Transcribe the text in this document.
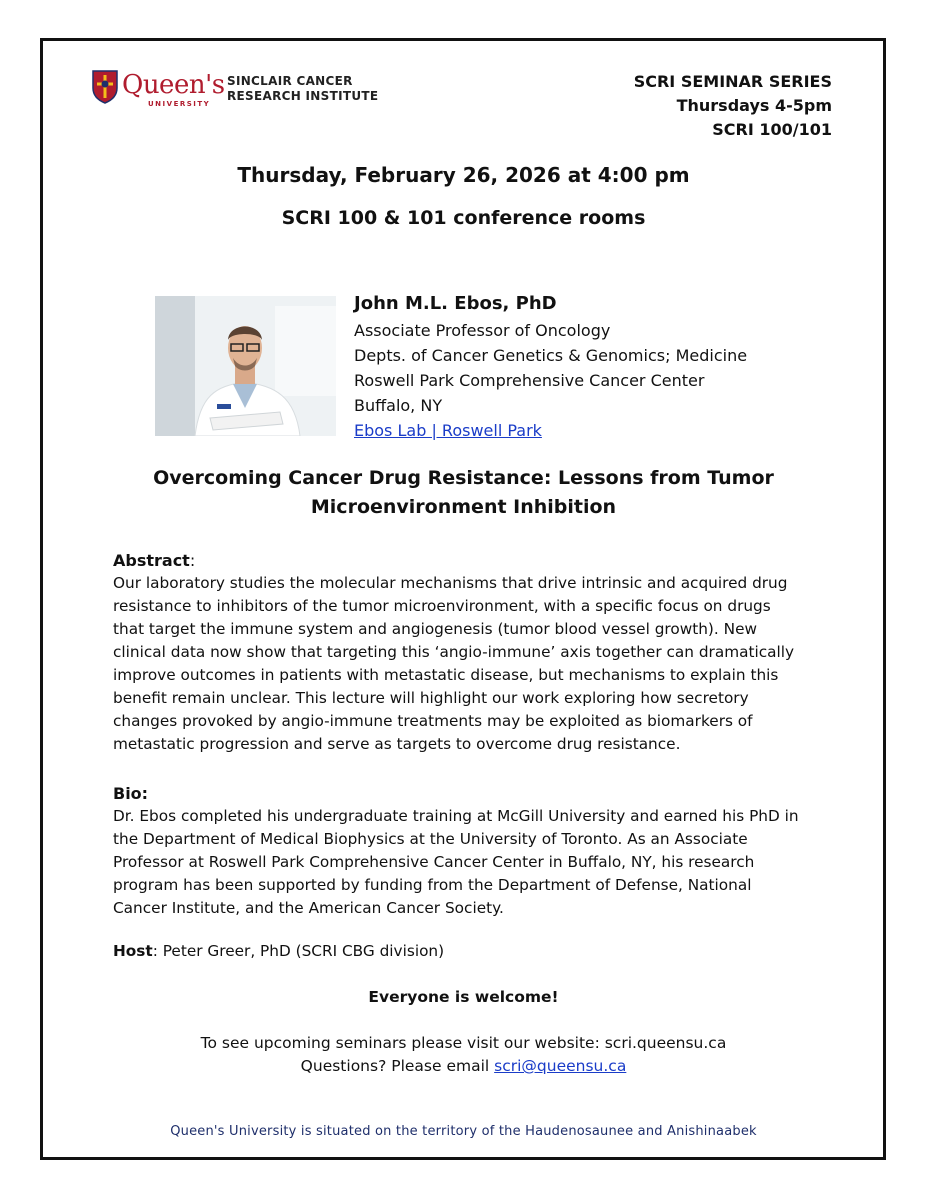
Queen's
UNIVERSITY
SINCLAIR CANCER
RESEARCH INSTITUTE
SCRI SEMINAR SERIES
Thursdays 4-5pm
SCRI 100/101
Thursday, February 26, 2026 at 4:00 pm
SCRI 100 & 101 conference rooms
John M.L. Ebos, PhD
Associate Professor of Oncology
Depts. of Cancer Genetics & Genomics; Medicine
Roswell Park Comprehensive Cancer Center
Buffalo, NY
Ebos Lab | Roswell Park
Overcoming Cancer Drug Resistance: Lessons from Tumor
Microenvironment Inhibition
Abstract:
Our laboratory studies the molecular mechanisms that drive intrinsic and acquired drug
resistance to inhibitors of the tumor microenvironment, with a specific focus on drugs
that target the immune system and angiogenesis (tumor blood vessel growth). New
clinical data now show that targeting this ‘angio-immune’ axis together can dramatically
improve outcomes in patients with metastatic disease, but mechanisms to explain this
benefit remain unclear. This lecture will highlight our work exploring how secretory
changes provoked by angio-immune treatments may be exploited as biomarkers of
metastatic progression and serve as targets to overcome drug resistance.
Bio:
Dr. Ebos completed his undergraduate training at McGill University and earned his PhD in
the Department of Medical Biophysics at the University of Toronto. As an Associate
Professor at Roswell Park Comprehensive Cancer Center in Buffalo, NY, his research
program has been supported by funding from the Department of Defense, National
Cancer Institute, and the American Cancer Society.
Host: Peter Greer, PhD (SCRI CBG division)
Everyone is welcome!
To see upcoming seminars please visit our website: scri.queensu.ca
Questions? Please email scri@queensu.ca
Queen's University is situated on the territory of the Haudenosaunee and Anishinaabek
